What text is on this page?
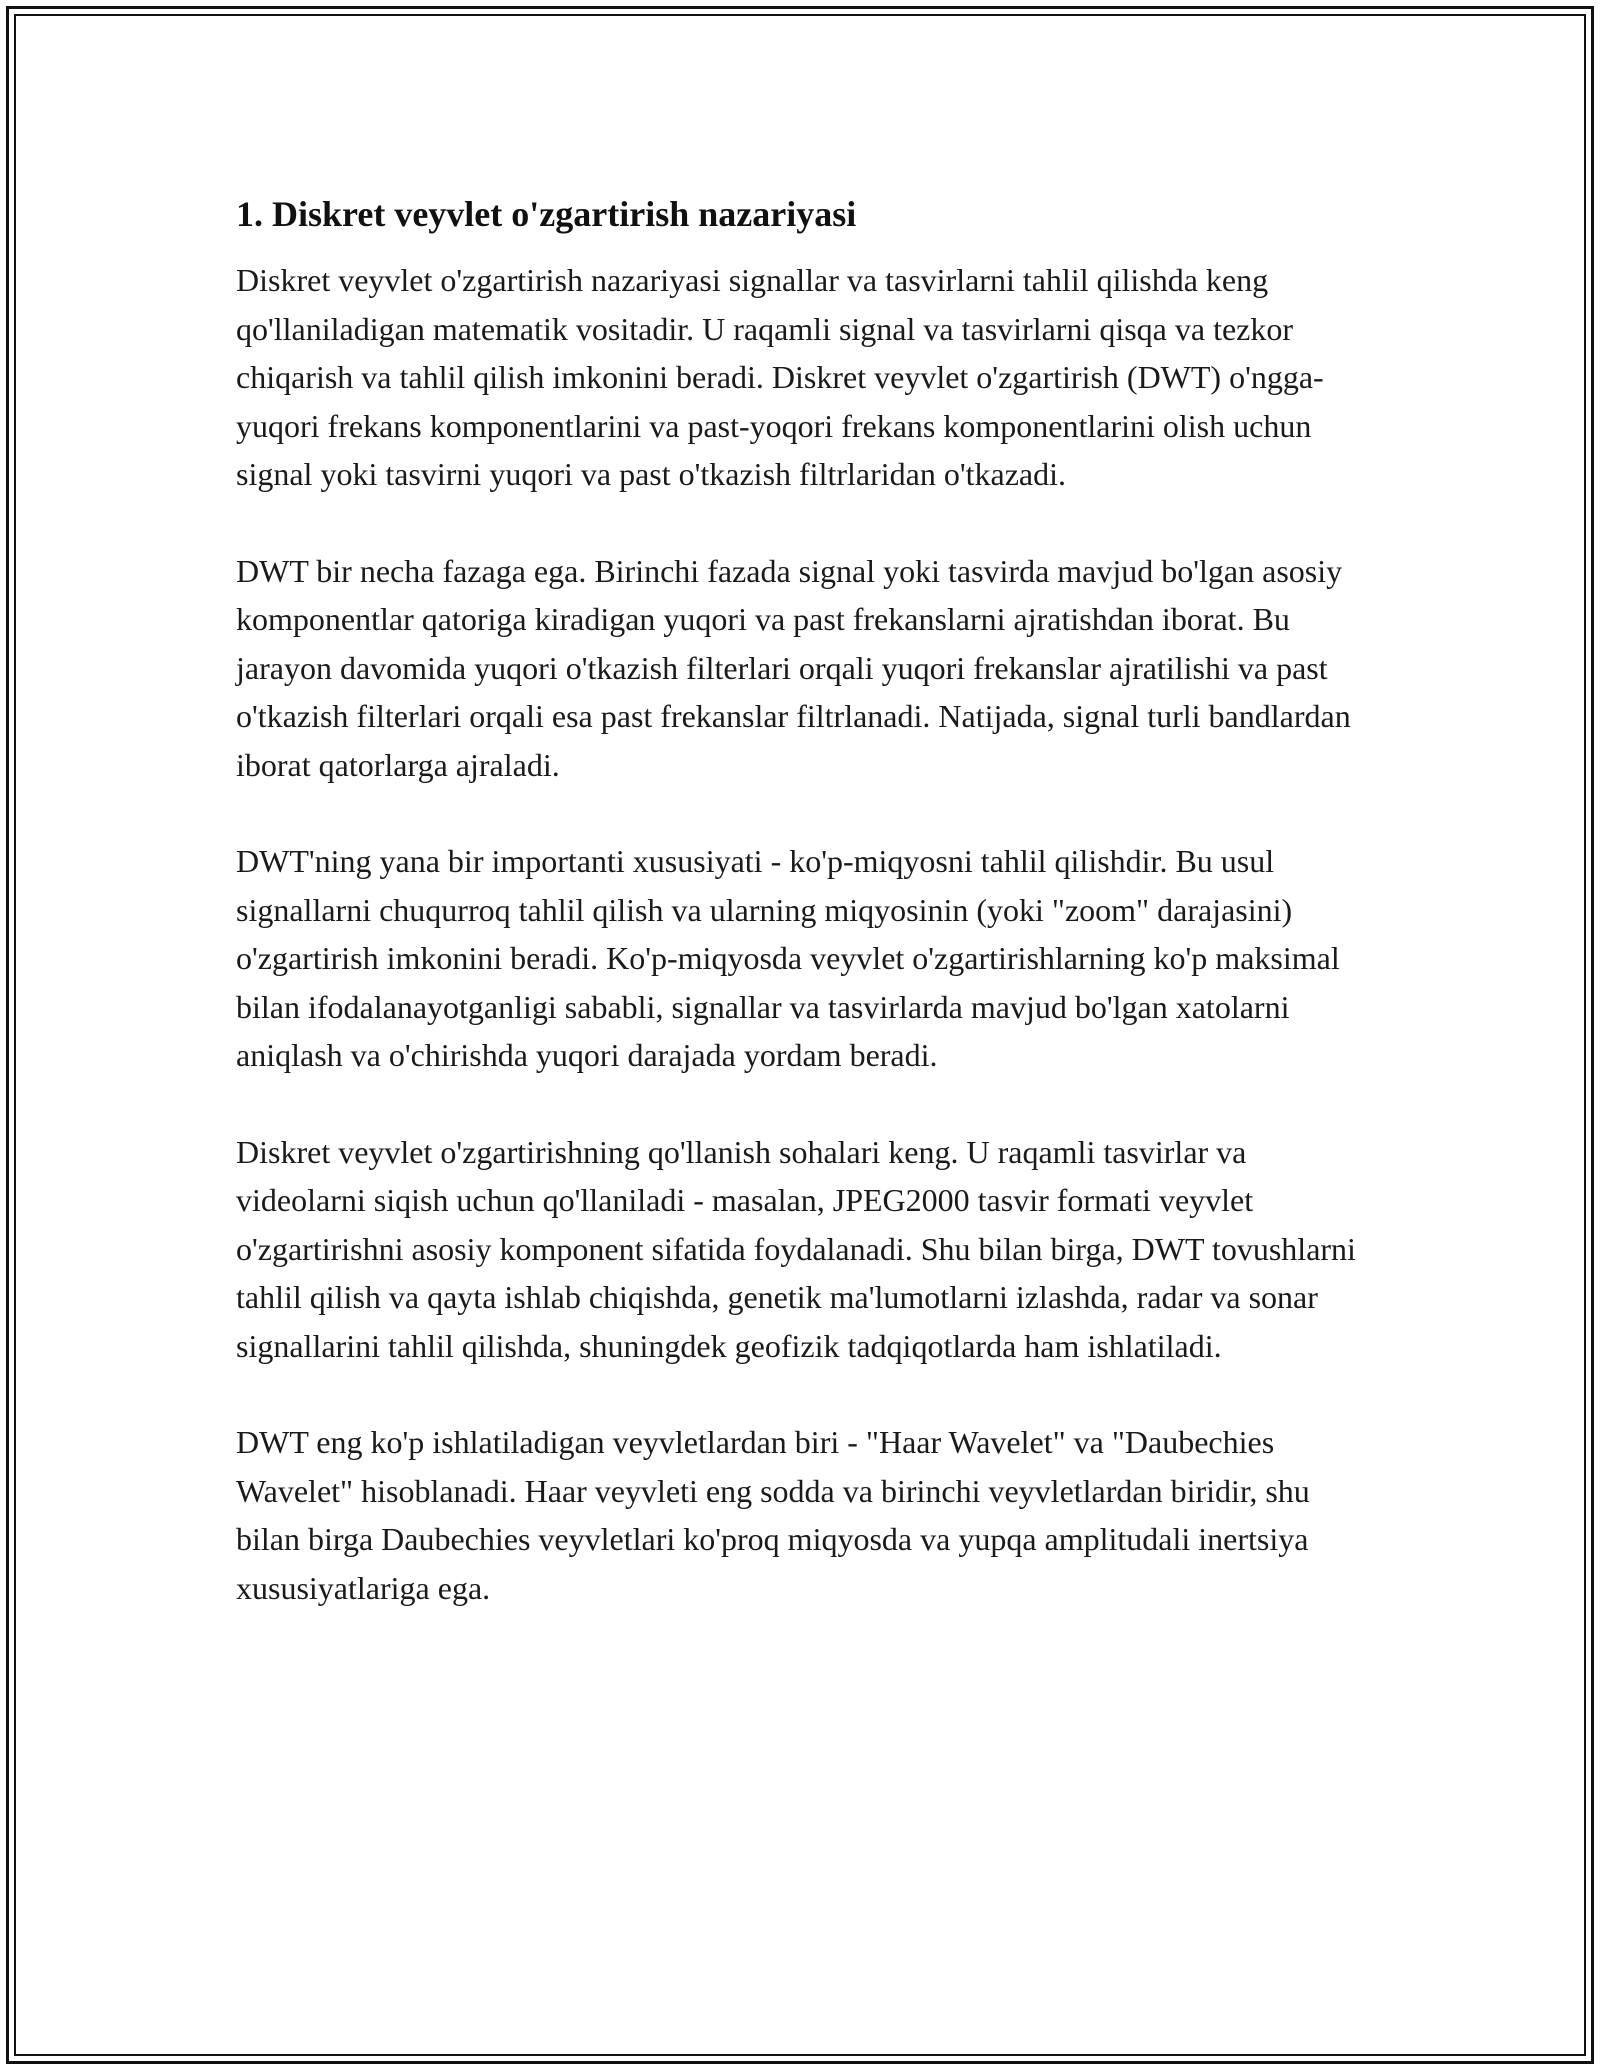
1. Diskret veyvlet o'zgartirish nazariyasi

Diskret veyvlet o'zgartirish nazariyasi signallar va tasvirlarni tahlil qilishda keng qo'llaniladigan matematik vositadir. U raqamli signal va tasvirlarni qisqa va tezkor chiqarish va tahlil qilish imkonini beradi. Diskret veyvlet o'zgartirish (DWT) o'ngga-yuqori frekans komponentlarini va past-yoqori frekans komponentlarini olish uchun signal yoki tasvirni yuqori va past o'tkazish filtrlaridan o'tkazadi.

DWT bir necha fazaga ega. Birinchi fazada signal yoki tasvirda mavjud bo'lgan asosiy komponentlar qatoriga kiradigan yuqori va past frekanslarni ajratishdan iborat. Bu jarayon davomida yuqori o'tkazish filterlari orqali yuqori frekanslar ajratilishi va past o'tkazish filterlari orqali esa past frekanslar filtrlanadi. Natijada, signal turli bandlardan iborat qatorlarga ajraladi.

DWT'ning yana bir importanti xususiyati - ko'p-miqyosni tahlil qilishdir. Bu usul signallarni chuqurroq tahlil qilish va ularning miqyosinin (yoki "zoom" darajasini) o'zgartirish imkonini beradi. Ko'p-miqyosda veyvlet o'zgartirishlarning ko'p maksimal bilan ifodalanayotganligi sababli, signallar va tasvirlarda mavjud bo'lgan xatolarni aniqlash va o'chirishda yuqori darajada yordam beradi.

Diskret veyvlet o'zgartirishning qo'llanish sohalari keng. U raqamli tasvirlar va videolarni siqish uchun qo'llaniladi - masalan, JPEG2000 tasvir formati veyvlet o'zgartirishni asosiy komponent sifatida foydalanadi. Shu bilan birga, DWT tovushlarni tahlil qilish va qayta ishlab chiqishda, genetik ma'lumotlarni izlashda, radar va sonar signallarini tahlil qilishda, shuningdek geofizik tadqiqotlarda ham ishlatiladi.

DWT eng ko'p ishlatiladigan veyvletlardan biri - "Haar Wavelet" va "Daubechies Wavelet" hisoblanadi. Haar veyvleti eng sodda va birinchi veyvletlardan biridir, shu bilan birga Daubechies veyvletlari ko'proq miqyosda va yupqa amplitudali inertsiya xususiyatlariga ega.
